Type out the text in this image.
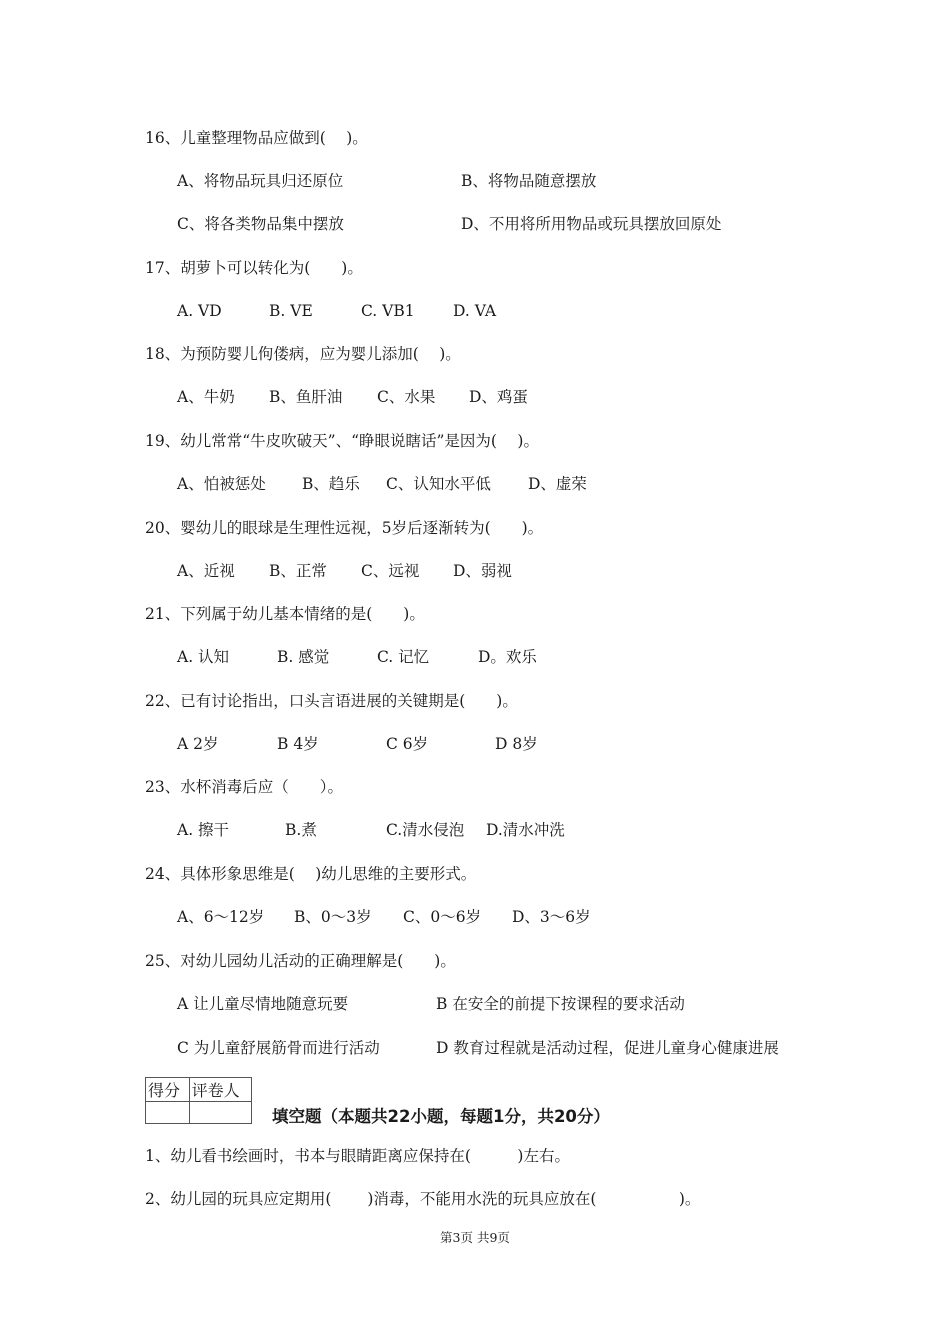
16、儿童整理物品应做到(　 )。
A、将物品玩具归还原位	B、将物品随意摆放
C、将各类物品集中摆放	D、不用将所用物品或玩具摆放回原处
17、胡萝卜可以转化为(　　)。
A. VD	B. VE	C. VB1 D. VA
18、为预防婴儿佝偻病，应为婴儿添加(　 )。
A、牛奶 B、鱼肝油 C、水果 D、鸡蛋
19、幼儿常常“牛皮吹破天”、“睁眼说瞎话”是因为(　 )。
A、怕被惩处 B、趋乐 C、认知水平低 D、虚荣
20、婴幼儿的眼球是生理性远视，5岁后逐渐转为(　　)。
A、近视 B、正常 C、远视 D、弱视
21、下列属于幼儿基本情绪的是(　　)。
A. 认知	B. 感觉	C. 记忆	D。欢乐
22、已有讨论指出，口头言语进展的关键期是(　　)。
A 2岁	B 4岁	C 6岁	D 8岁
23、水杯消毒后应（　　）。
A. 擦干	B.煮	C.清水侵泡 D.清水冲洗
24、具体形象思维是(　 )幼儿思维的主要形式。
A、6～12岁 B、0～3岁 C、0～6岁 D、3～6岁
25、对幼儿园幼儿活动的正确理解是(　　)。
A 让儿童尽情地随意玩要	B 在安全的前提下按课程的要求活动
C 为儿童舒展筋骨而进行活动	D 教育过程就是活动过程，促进儿童身心健康进展
得分	评卷人

填空题（本题共22小题，每题1分，共20分）
1、幼儿看书绘画时，书本与眼睛距离应保持在(　　　)左右。
2、幼儿园的玩具应定期用(　　 )消毒，不能用水洗的玩具应放在(　　　　　 )。
第3页 共9页
